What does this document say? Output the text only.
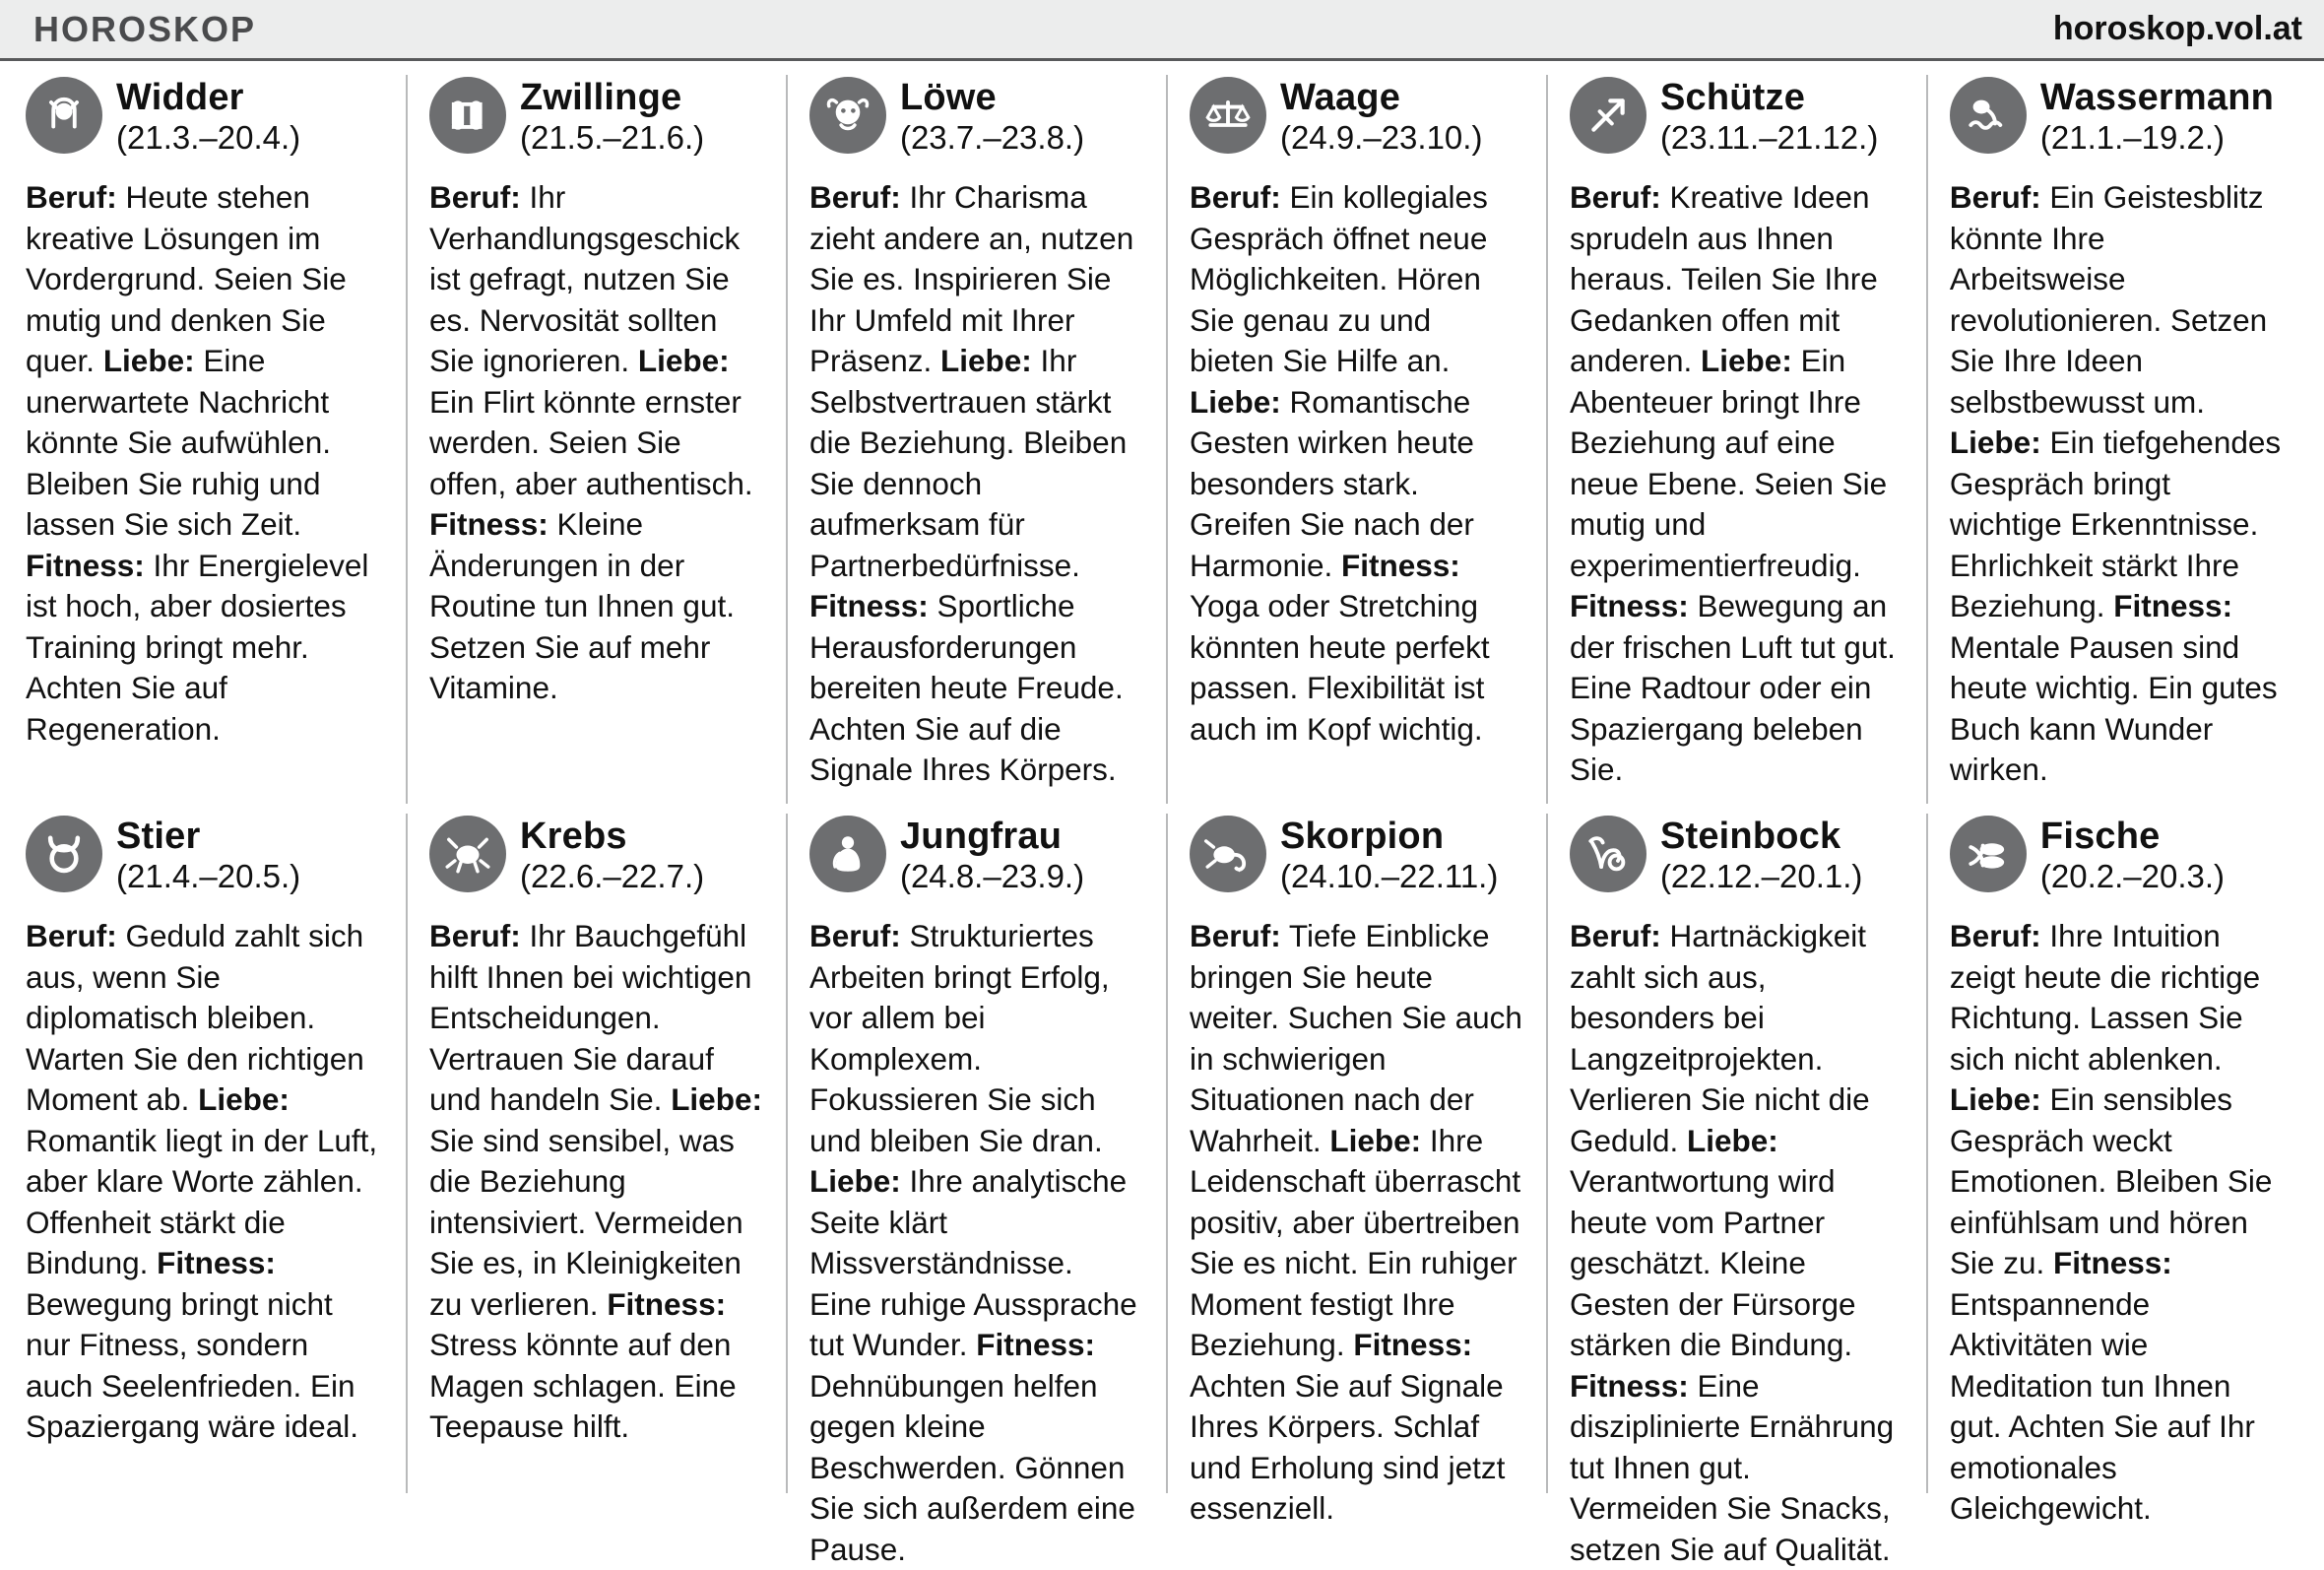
HOROSKOP	horoskop.vol.at
Widder
(21.3.–20.4.)

Beruf: Heute stehen kreative Lösungen im Vordergrund. Seien Sie mutig und denken Sie quer. Liebe: Eine unerwartete Nachricht könnte Sie aufwühlen. Bleiben Sie ruhig und lassen Sie sich Zeit. Fitness: Ihr Energielevel ist hoch, aber dosiertes Training bringt mehr. Achten Sie auf Regeneration.

Zwillinge
(21.5.–21.6.)

Beruf: Ihr Verhandlungsgeschick ist gefragt, nutzen Sie es. Nervosität sollten Sie ignorieren. Liebe: Ein Flirt könnte ernster werden. Seien Sie offen, aber authentisch. Fitness: Kleine Änderungen in der Routine tun Ihnen gut. Setzen Sie auf mehr Vitamine.

Löwe
(23.7.–23.8.)

Beruf: Ihr Charisma zieht andere an, nutzen Sie es. Inspirieren Sie Ihr Umfeld mit Ihrer Präsenz. Liebe: Ihr Selbstvertrauen stärkt die Beziehung. Bleiben Sie dennoch aufmerksam für Partnerbedürfnisse. Fitness: Sportliche Herausforderungen bereiten heute Freude. Achten Sie auf die Signale Ihres Körpers.

Waage
(24.9.–23.10.)

Beruf: Ein kollegiales Gespräch öffnet neue Möglichkeiten. Hören Sie genau zu und bieten Sie Hilfe an. Liebe: Romantische Gesten wirken heute besonders stark. Greifen Sie nach der Harmonie. Fitness: Yoga oder Stretching könnten heute perfekt passen. Flexibilität ist auch im Kopf wichtig.

Schütze
(23.11.–21.12.)

Beruf: Kreative Ideen sprudeln aus Ihnen heraus. Teilen Sie Ihre Gedanken offen mit anderen. Liebe: Ein Abenteuer bringt Ihre Beziehung auf eine neue Ebene. Seien Sie mutig und experimentierfreudig. Fitness: Bewegung an der frischen Luft tut gut. Eine Radtour oder ein Spaziergang beleben Sie.

Wassermann
(21.1.–19.2.)

Beruf: Ein Geistesblitz könnte Ihre Arbeitsweise revolutionieren. Setzen Sie Ihre Ideen selbstbewusst um. Liebe: Ein tiefgehendes Gespräch bringt wichtige Erkenntnisse. Ehrlichkeit stärkt Ihre Beziehung. Fitness: Mentale Pausen sind heute wichtig. Ein gutes Buch kann Wunder wirken.

Stier
(21.4.–20.5.)

Beruf: Geduld zahlt sich aus, wenn Sie diplomatisch bleiben. Warten Sie den richtigen Moment ab. Liebe: Romantik liegt in der Luft, aber klare Worte zählen. Offenheit stärkt die Bindung. Fitness: Bewegung bringt nicht nur Fitness, sondern auch Seelenfrieden. Ein Spaziergang wäre ideal.

Krebs
(22.6.–22.7.)

Beruf: Ihr Bauchgefühl hilft Ihnen bei wichtigen Entscheidungen. Vertrauen Sie darauf und handeln Sie. Liebe: Sie sind sensibel, was die Beziehung intensiviert. Vermeiden Sie es, in Kleinigkeiten zu verlieren. Fitness: Stress könnte auf den Magen schlagen. Eine Teepause hilft.

Jungfrau
(24.8.–23.9.)

Beruf: Strukturiertes Arbeiten bringt Erfolg, vor allem bei Komplexem. Fokussieren Sie sich und bleiben Sie dran. Liebe: Ihre analytische Seite klärt Missverständnisse. Eine ruhige Aussprache tut Wunder. Fitness: Dehnübungen helfen gegen kleine Beschwerden. Gönnen Sie sich außerdem eine Pause.

Skorpion
(24.10.–22.11.)

Beruf: Tiefe Einblicke bringen Sie heute weiter. Suchen Sie auch in schwierigen Situationen nach der Wahrheit. Liebe: Ihre Leidenschaft überrascht positiv, aber übertreiben Sie es nicht. Ein ruhiger Moment festigt Ihre Beziehung. Fitness: Achten Sie auf Signale Ihres Körpers. Schlaf und Erholung sind jetzt essenziell.

Steinbock
(22.12.–20.1.)

Beruf: Hartnäckigkeit zahlt sich aus, besonders bei Langzeitprojekten. Verlieren Sie nicht die Geduld. Liebe: Verantwortung wird heute vom Partner geschätzt. Kleine Gesten der Fürsorge stärken die Bindung. Fitness: Eine disziplinierte Ernährung tut Ihnen gut. Vermeiden Sie Snacks, setzen Sie auf Qualität.

Fische
(20.2.–20.3.)

Beruf: Ihre Intuition zeigt heute die richtige Richtung. Lassen Sie sich nicht ablenken. Liebe: Ein sensibles Gespräch weckt Emotionen. Bleiben Sie einfühlsam und hören Sie zu. Fitness: Entspannende Aktivitäten wie Meditation tun Ihnen gut. Achten Sie auf Ihr emotionales Gleichgewicht.
